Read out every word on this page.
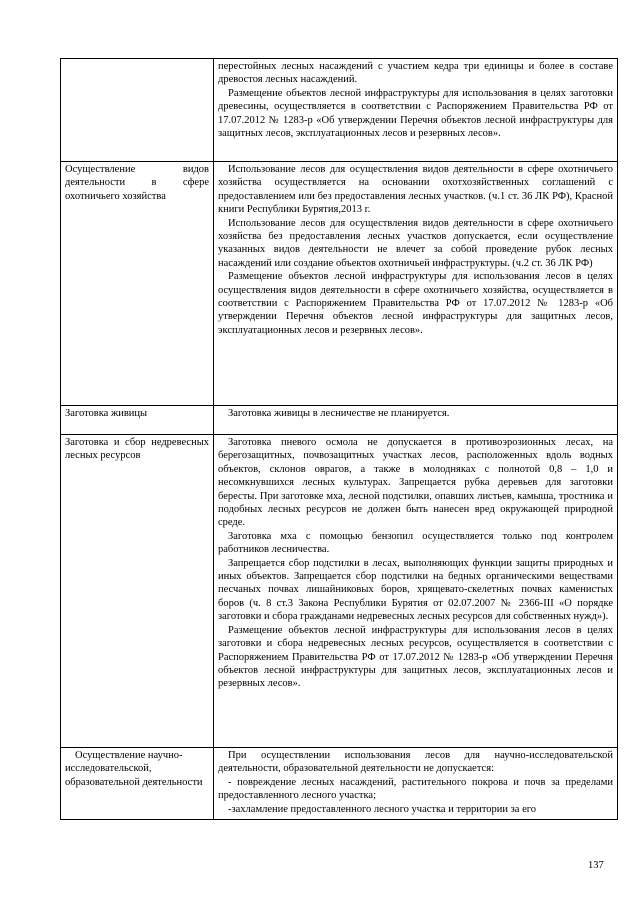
	перестойных лесных насаждений с участием кедра три единицы и более в составе древостоя лесных насаждений.

Размещение объектов лесной инфраструктуры для использования в целях заготовки древесины, осуществляется в соответствии с Распоряжением Правительства РФ от 17.07.2012 № 1283-р «Об утверждении Перечня объектов лесной инфраструктуры для защитных лесов, эксплуатационных лесов и резервных лесов».

Осуществление видов деятельности в сфере охотничьего хозяйства	Использование лесов для осуществления видов деятельности в сфере охотничьего хозяйства осуществляется на основании охотхозяйственных соглашений с предоставлением или без предоставления лесных участков. (ч.1 ст. 36 ЛК РФ), Красной книги Республики Бурятия,2013 г.

Использование лесов для осуществления видов деятельности в сфере охотничьего хозяйства без предоставления лесных участков допускается, если осуществление указанных видов деятельности не влечет за собой проведение рубок лесных насаждений или создание объектов охотничьей инфраструктуры. (ч.2 ст. 36 ЛК РФ)

Размещение объектов лесной инфраструктуры для использования лесов в целях осуществления видов деятельности в сфере охотничьего хозяйства, осуществляется в соответствии с Распоряжением Правительства РФ от 17.07.2012 № 1283-р «Об утверждении Перечня объектов лесной инфраструктуры для защитных лесов, эксплуатационных лесов и резервных лесов».

Заготовка живицы	Заготовка живицы в лесничестве не планируется.

Заготовка и сбор недревесных лесных ресурсов	Заготовка пневого осмола не допускается в противоэрозионных лесах, на берегозащитных, почвозащитных участках лесов, расположенных вдоль водных объектов, склонов оврагов, а также в молодняках с полнотой 0,8 – 1,0 и несомкнувшихся лесных культурах. Запрещается рубка деревьев для заготовки бересты. При заготовке мха, лесной подстилки, опавших листьев, камыша, тростника и подобных лесных ресурсов не должен быть нанесен вред окружающей природной среде.

Заготовка мха с помощью бензопил осуществляется только под контролем работников лесничества.

Запрещается сбор подстилки в лесах, выполняющих функции защиты природных и иных объектов. Запрещается сбор подстилки на бедных органическими веществами песчаных почвах лишайниковых боров, хрящевато-скелетных почвах каменистых боров (ч. 8 ст.3 Закона Республики Бурятия от 02.07.2007 № 2366-III «О порядке заготовки и сбора гражданами недревесных лесных ресурсов для собственных нужд»).

Размещение объектов лесной инфраструктуры для использования лесов в целях заготовки и сбора недревесных лесных ресурсов, осуществляется в соответствии с Распоряжением Правительства РФ от 17.07.2012 № 1283-р «Об утверждении Перечня объектов лесной инфраструктуры для защитных лесов, эксплуатационных лесов и резервных лесов».

Осуществление научно-исследовательской, образовательной деятельности	При осуществлении использования лесов для научно-исследовательской деятельности, образовательной деятельности не допускается:

- повреждение лесных насаждений, растительного покрова и почв за пределами предоставленного лесного участка;

-захламление предоставленного лесного участка и территории за его

137
